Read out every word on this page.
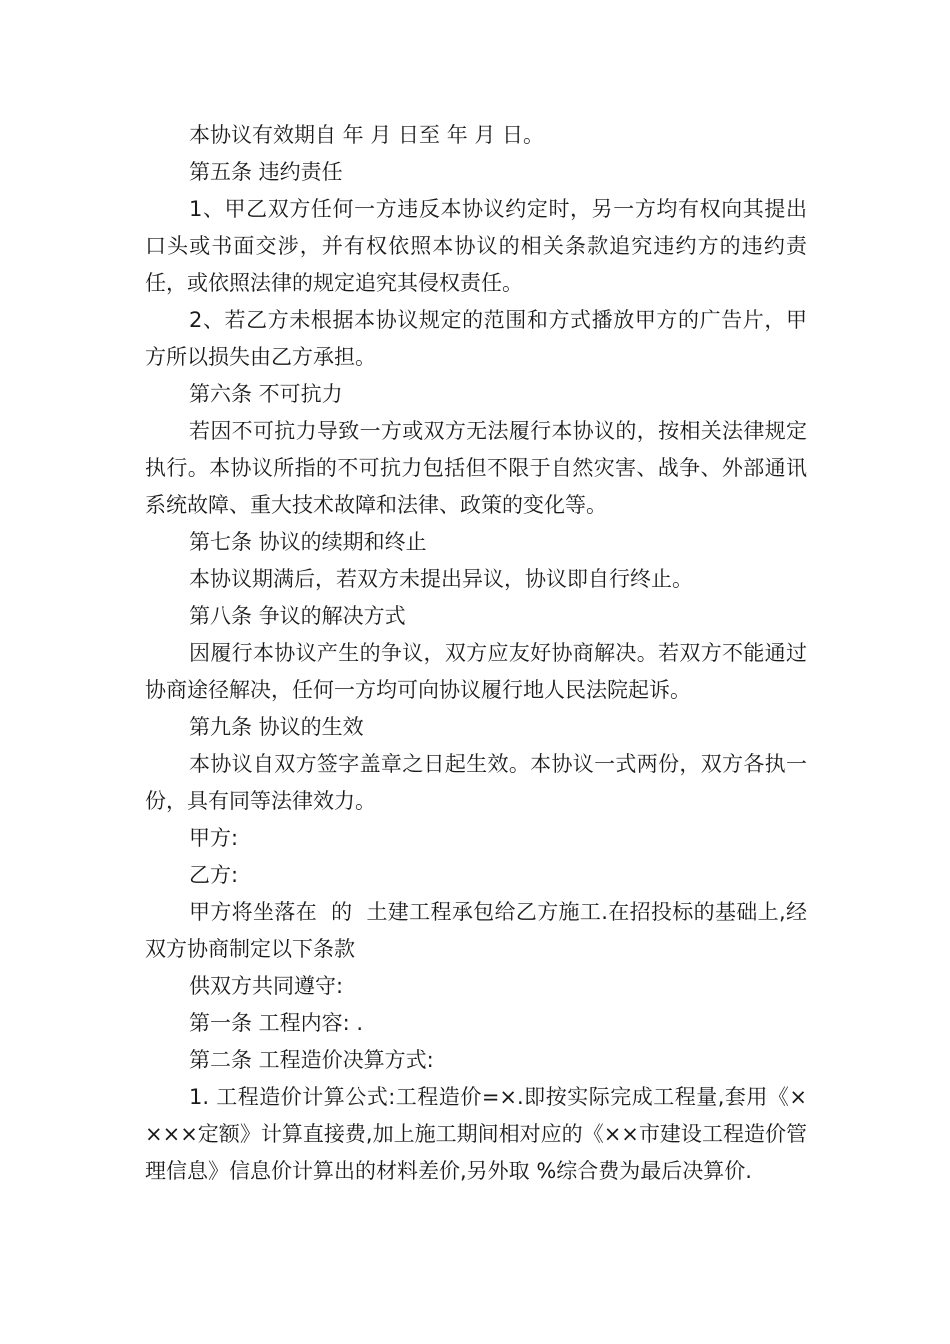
本协议有效期自 年 月 日至 年 月 日。

第五条 违约责任

1、甲乙双方任何一方违反本协议约定时，另一方均有权向其提出口头或书面交涉，并有权依照本协议的相关条款追究违约方的违约责任，或依照法律的规定追究其侵权责任。

2、若乙方未根据本协议规定的范围和方式播放甲方的广告片，甲方所以损失由乙方承担。

第六条 不可抗力

若因不可抗力导致一方或双方无法履行本协议的，按相关法律规定执行。本协议所指的不可抗力包括但不限于自然灾害、战争、外部通讯系统故障、重大技术故障和法律、政策的变化等。

第七条 协议的续期和终止

本协议期满后，若双方未提出异议，协议即自行终止。

第八条 争议的解决方式

因履行本协议产生的争议，双方应友好协商解决。若双方不能通过协商途径解决，任何一方均可向协议履行地人民法院起诉。

第九条 协议的生效

本协议自双方签字盖章之日起生效。本协议一式两份，双方各执一份，具有同等法律效力。

甲方:

乙方:

甲方将坐落在  的  土建工程承包给乙方施工.在招投标的基础上,经双方协商制定以下条款

供双方共同遵守:

第一条 工程内容: .

第二条 工程造价决算方式:

1. 工程造价计算公式:工程造价=×.即按实际完成工程量,套用《××××定额》计算直接费,加上施工期间相对应的《××市建设工程造价管理信息》信息价计算出的材料差价,另外取 %综合费为最后决算价.
